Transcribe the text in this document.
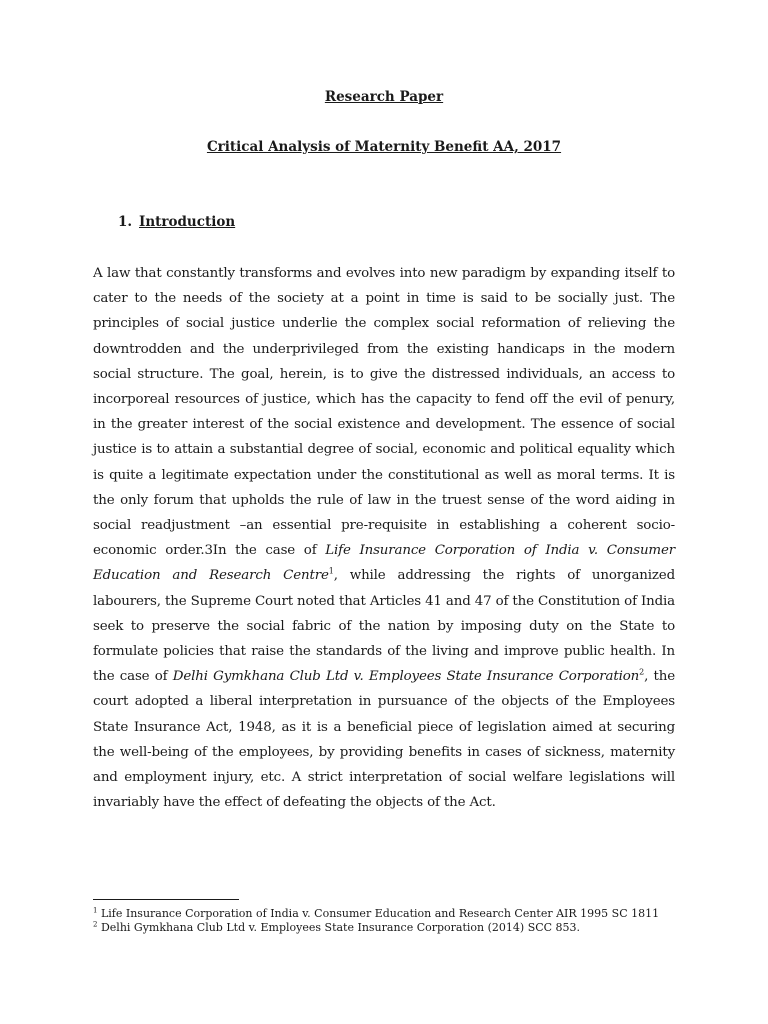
Research Paper
Critical Analysis of Maternity Benefit AA, 2017
1. Introduction
A law that constantly transforms and evolves into new paradigm by expanding itself to cater to the needs of the society at a point in time is said to be socially just. The principles of social justice underlie the complex social reformation of relieving the downtrodden and the underprivileged from the existing handicaps in the modern social structure. The goal, herein, is to give the distressed individuals, an access to incorporeal resources of justice, which has the capacity to fend off the evil of penury, in the greater interest of the social existence and development. The essence of social justice is to attain a substantial degree of social, economic and political equality which is quite a legitimate expectation under the constitutional as well as moral terms. It is the only forum that upholds the rule of law in the truest sense of the word aiding in social readjustment –an essential pre-requisite in establishing a coherent socio-economic order.3In the case of Life Insurance Corporation of India v. Consumer Education and Research Centre$^1$, while addressing the rights of unorganized labourers, the Supreme Court noted that Articles 41 and 47 of the Constitution of India seek to preserve the social fabric of the nation by imposing duty on the State to formulate policies that raise the standards of the living and improve public health. In the case of Delhi Gymkhana Club Ltd v. Employees State Insurance Corporation$^2$, the court adopted a liberal interpretation in pursuance of the objects of the Employees State Insurance Act, 1948, as it is a beneficial piece of legislation aimed at securing the well-being of the employees, by providing benefits in cases of sickness, maternity and employment injury, etc. A strict interpretation of social welfare legislations will invariably have the effect of defeating the objects of the Act.
$^1$ Life Insurance Corporation of India v. Consumer Education and Research Center AIR 1995 SC 1811
$^2$ Delhi Gymkhana Club Ltd v. Employees State Insurance Corporation (2014) SCC 853.
